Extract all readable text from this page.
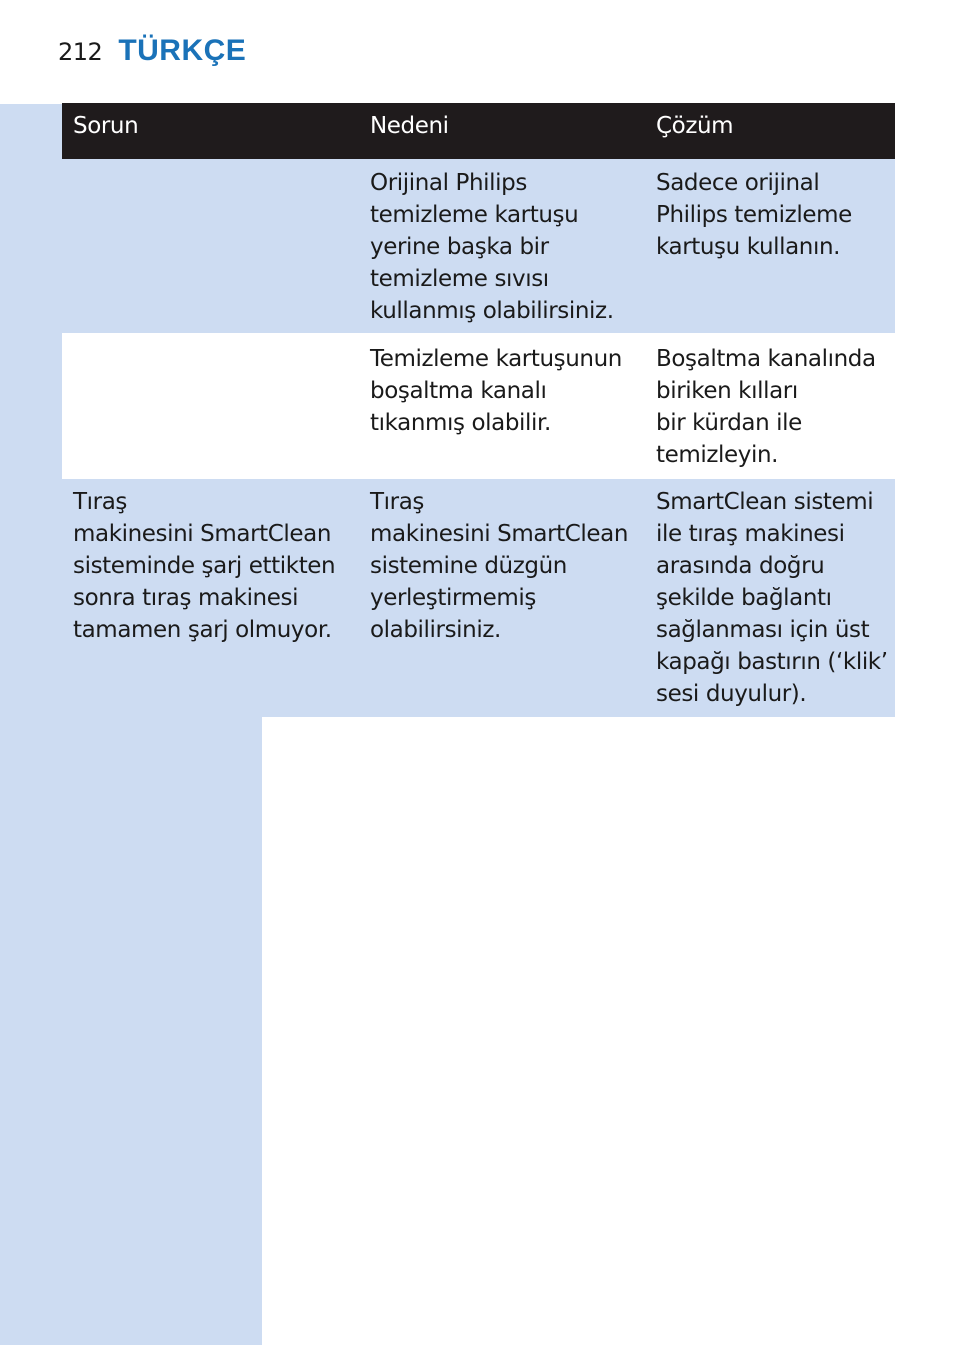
212 TÜRKÇE
Sorun	Nedeni	Çözüm
Orijinal Philips
temizleme kartuşu
yerine başka bir
temizleme sıvısı
kullanmış olabilirsiniz.
Sadece orijinal
Philips temizleme
kartuşu kullanın.
Temizleme kartuşunun
boşaltma kanalı
tıkanmış olabilir.
Boşaltma kanalında
biriken kılları
bir kürdan ile
temizleyin.
Tıraş
makinesini SmartClean
sisteminde şarj ettikten
sonra tıraş makinesi
tamamen şarj olmuyor.
Tıraş
makinesini SmartClean
sistemine düzgün
yerleştirmemiş
olabilirsiniz.
SmartClean sistemi
ile tıraş makinesi
arasında doğru
şekilde bağlantı
sağlanması için üst
kapağı bastırın (‘klik’
sesi duyulur).
